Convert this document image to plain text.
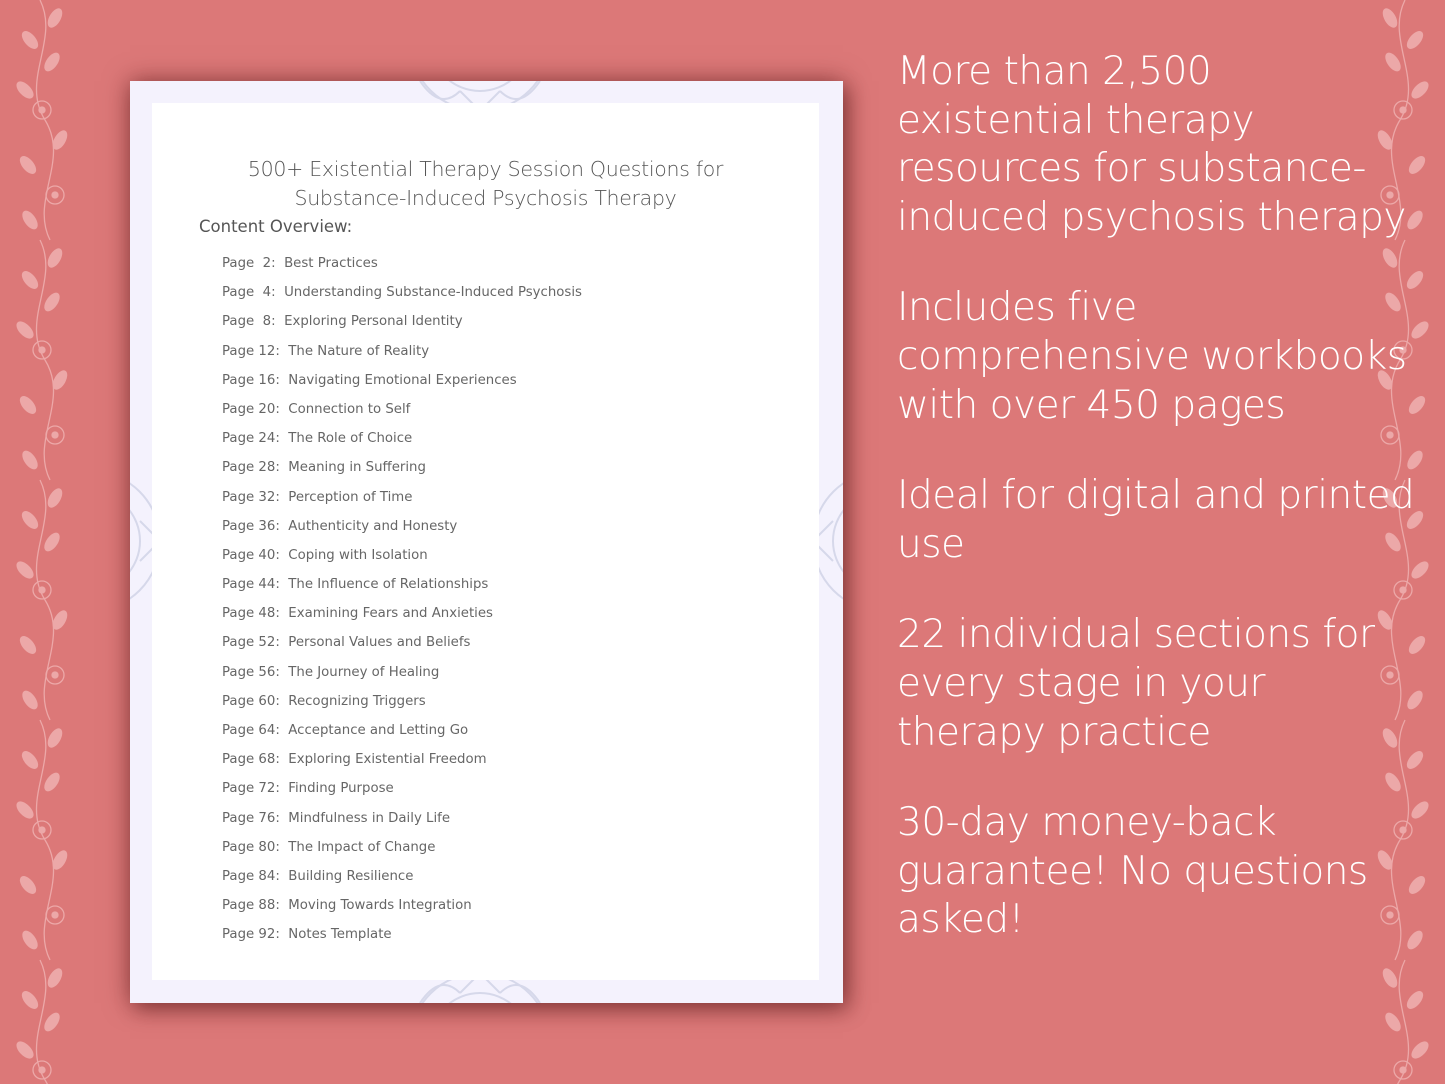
500+ Existential Therapy Session Questions for
Substance-Induced Psychosis Therapy
Content Overview:
Page  2: Best Practices
Page  4: Understanding Substance-Induced Psychosis
Page  8: Exploring Personal Identity
Page 12: The Nature of Reality
Page 16: Navigating Emotional Experiences
Page 20: Connection to Self
Page 24: The Role of Choice
Page 28: Meaning in Suffering
Page 32: Perception of Time
Page 36: Authenticity and Honesty
Page 40: Coping with Isolation
Page 44: The Influence of Relationships
Page 48: Examining Fears and Anxieties
Page 52: Personal Values and Beliefs
Page 56: The Journey of Healing
Page 60: Recognizing Triggers
Page 64: Acceptance and Letting Go
Page 68: Exploring Existential Freedom
Page 72: Finding Purpose
Page 76: Mindfulness in Daily Life
Page 80: The Impact of Change
Page 84: Building Resilience
Page 88: Moving Towards Integration
Page 92: Notes Template

More than 2,500 existential therapy resources for substance-induced psychosis therapy

Includes five comprehensive workbooks with over 450 pages

Ideal for digital and printed use

22 individual sections for every stage in your therapy practice

30-day money-back guarantee! No questions asked!
